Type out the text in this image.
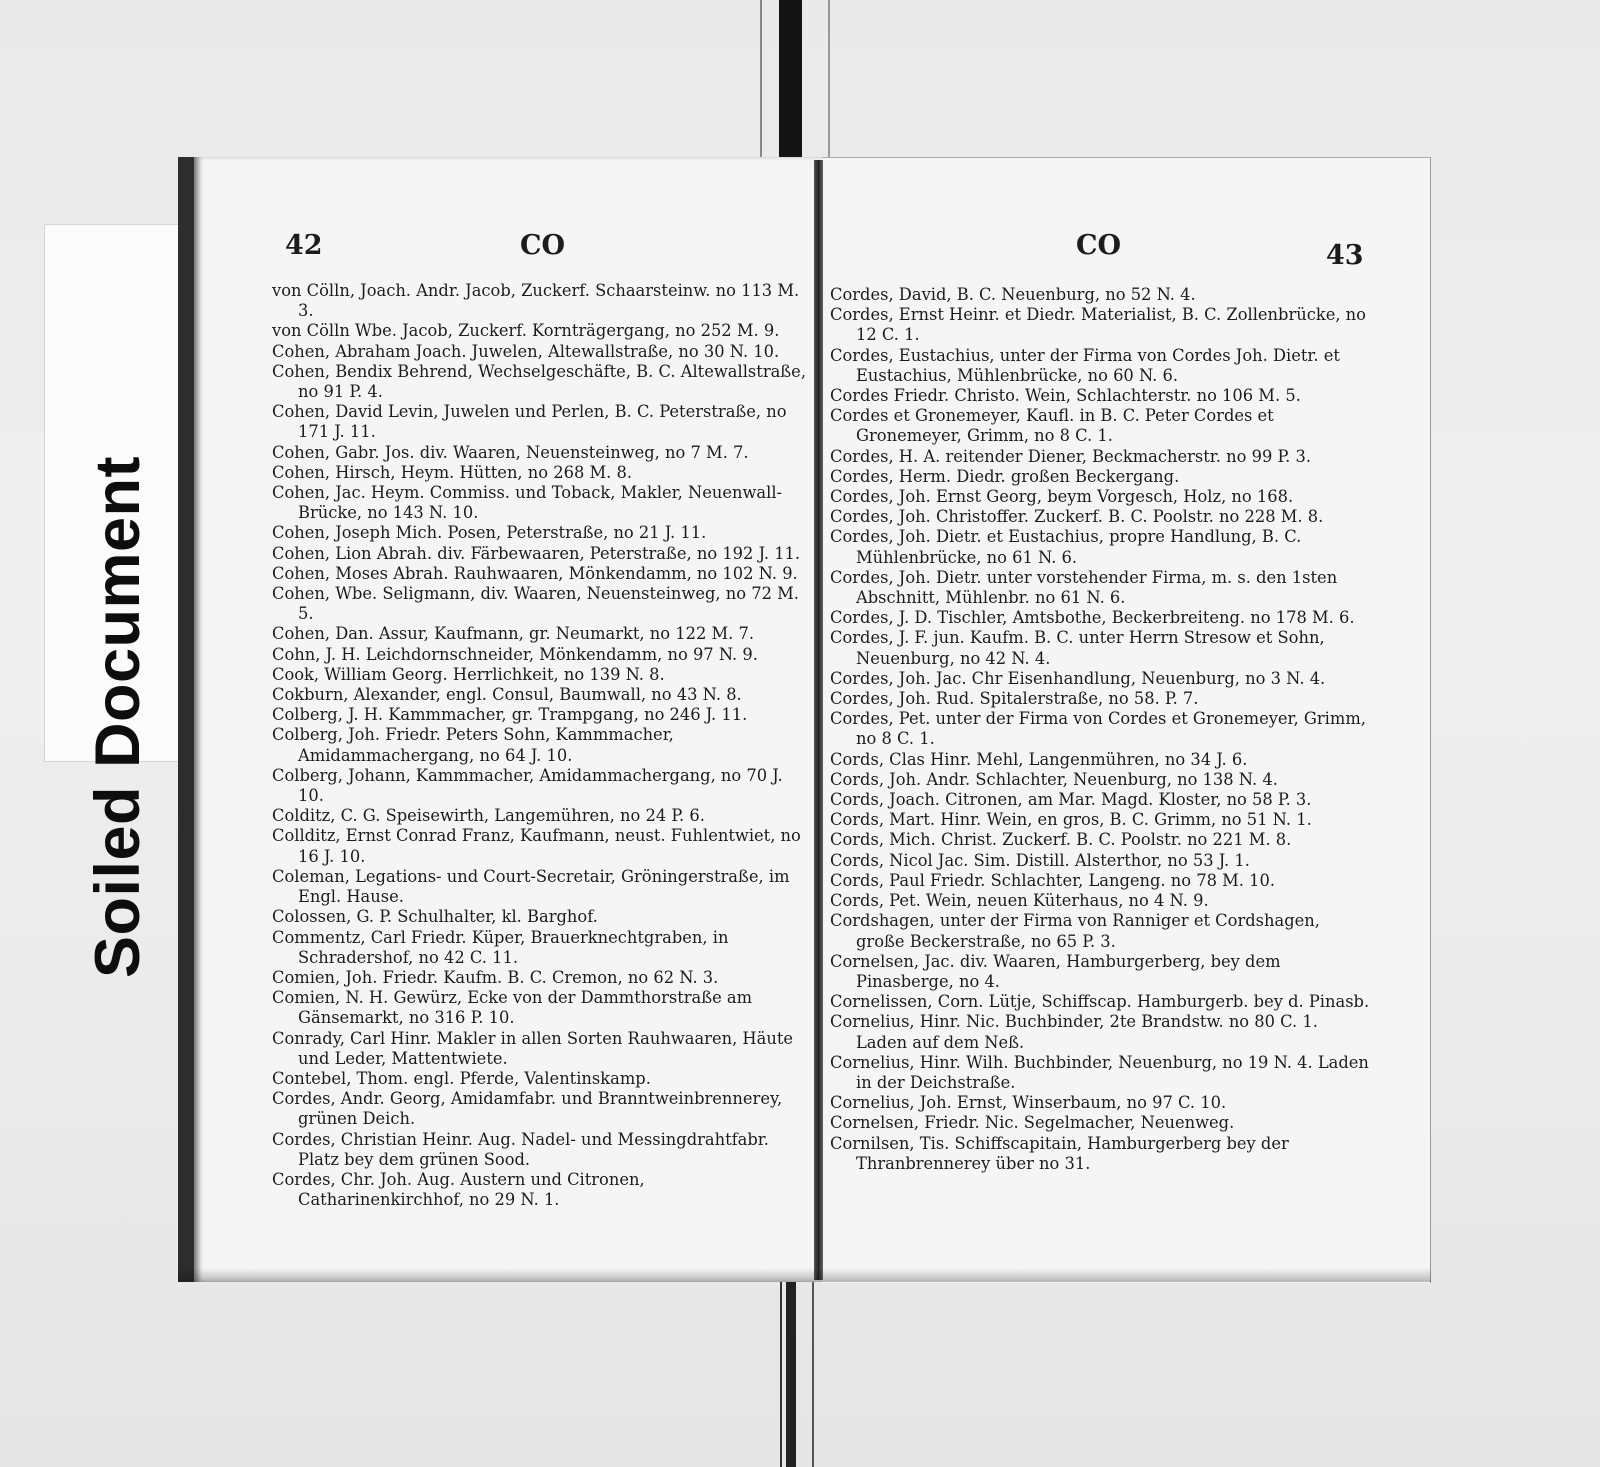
Soiled Document
42	CO	CO	43
von Cölln, Joach. Andr. Jacob, Zuckerf. Schaarsteinw. no 113 M. 3.
von Cölln Wbe. Jacob, Zuckerf. Kornträgergang, no 252 M. 9.
Cohen, Abraham Joach. Juwelen, Altewallstraße, no 30 N. 10.
Cohen, Bendix Behrend, Wechselgeschäfte, B. C. Altewallstraße, no 91 P. 4.
Cohen, David Levin, Juwelen und Perlen, B. C. Peterstraße, no 171 J. 11.
Cohen, Gabr. Jos. div. Waaren, Neuensteinweg, no 7 M. 7.
Cohen, Hirsch, Heym. Hütten, no 268 M. 8.
Cohen, Jac. Heym. Commiss. und Toback, Makler, Neuenwall-Brücke, no 143 N. 10.
Cohen, Joseph Mich. Posen, Peterstraße, no 21 J. 11.
Cohen, Lion Abrah. div. Färbewaaren, Peterstraße, no 192 J. 11.
Cohen, Moses Abrah. Rauhwaaren, Mönkendamm, no 102 N. 9.
Cohen, Wbe. Seligmann, div. Waaren, Neuensteinweg, no 72 M. 5.
Cohen, Dan. Assur, Kaufmann, gr. Neumarkt, no 122 M. 7.
Cohn, J. H. Leichdornschneider, Mönkendamm, no 97 N. 9.
Cook, William Georg. Herrlichkeit, no 139 N. 8.
Cokburn, Alexander, engl. Consul, Baumwall, no 43 N. 8.
Colberg, J. H. Kammmacher, gr. Trampgang, no 246 J. 11.
Colberg, Joh. Friedr. Peters Sohn, Kammmacher, Amidammachergang, no 64 J. 10.
Colberg, Johann, Kammmacher, Amidammachergang, no 70 J. 10.
Colditz, C. G. Speisewirth, Langemühren, no 24 P. 6.
Collditz, Ernst Conrad Franz, Kaufmann, neust. Fuhlentwiet, no 16 J. 10.
Coleman, Legations- und Court-Secretair, Gröningerstraße, im Engl. Hause.
Colossen, G. P. Schulhalter, kl. Barghof.
Commentz, Carl Friedr. Küper, Brauerknechtgraben, in Schradershof, no 42 C. 11.
Comien, Joh. Friedr. Kaufm. B. C. Cremon, no 62 N. 3.
Comien, N. H. Gewürz, Ecke von der Dammthorstraße am Gänsemarkt, no 316 P. 10.
Conrady, Carl Hinr. Makler in allen Sorten Rauhwaaren, Häute und Leder, Mattentwiete.
Contebel, Thom. engl. Pferde, Valentinskamp.
Cordes, Andr. Georg, Amidamfabr. und Branntweinbrennerey, grünen Deich.
Cordes, Christian Heinr. Aug. Nadel- und Messingdrahtfabr. Platz bey dem grünen Sood.
Cordes, Chr. Joh. Aug. Austern und Citronen, Catharinenkirchhof, no 29 N. 1.
Cordes, David, B. C. Neuenburg, no 52 N. 4.
Cordes, Ernst Heinr. et Diedr. Materialist, B. C. Zollenbrücke, no 12 C. 1.
Cordes, Eustachius, unter der Firma von Cordes Joh. Dietr. et Eustachius, Mühlenbrücke, no 60 N. 6.
Cordes Friedr. Christo. Wein, Schlachterstr. no 106 M. 5.
Cordes et Gronemeyer, Kaufl. in B. C. Peter Cordes et Gronemeyer, Grimm, no 8 C. 1.
Cordes, H. A. reitender Diener, Beckmacherstr. no 99 P. 3.
Cordes, Herm. Diedr. großen Beckergang.
Cordes, Joh. Ernst Georg, beym Vorgesch, Holz, no 168.
Cordes, Joh. Christoffer. Zuckerf. B. C. Poolstr. no 228 M. 8.
Cordes, Joh. Dietr. et Eustachius, propre Handlung, B. C. Mühlenbrücke, no 61 N. 6.
Cordes, Joh. Dietr. unter vorstehender Firma, m. s. den 1sten Abschnitt, Mühlenbr. no 61 N. 6.
Cordes, J. D. Tischler, Amtsbothe, Beckerbreiteng. no 178 M. 6.
Cordes, J. F. jun. Kaufm. B. C. unter Herrn Stresow et Sohn, Neuenburg, no 42 N. 4.
Cordes, Joh. Jac. Chr Eisenhandlung, Neuenburg, no 3 N. 4.
Cordes, Joh. Rud. Spitalerstraße, no 58. P. 7.
Cordes, Pet. unter der Firma von Cordes et Gronemeyer, Grimm, no 8 C. 1.
Cords, Clas Hinr. Mehl, Langenmühren, no 34 J. 6.
Cords, Joh. Andr. Schlachter, Neuenburg, no 138 N. 4.
Cords, Joach. Citronen, am Mar. Magd. Kloster, no 58 P. 3.
Cords, Mart. Hinr. Wein, en gros, B. C. Grimm, no 51 N. 1.
Cords, Mich. Christ. Zuckerf. B. C. Poolstr. no 221 M. 8.
Cords, Nicol Jac. Sim. Distill. Alsterthor, no 53 J. 1.
Cords, Paul Friedr. Schlachter, Langeng. no 78 M. 10.
Cords, Pet. Wein, neuen Küterhaus, no 4 N. 9.
Cordshagen, unter der Firma von Ranniger et Cordshagen, große Beckerstraße, no 65 P. 3.
Cornelsen, Jac. div. Waaren, Hamburgerberg, bey dem Pinasberge, no 4.
Cornelissen, Corn. Lütje, Schiffscap. Hamburgerb. bey d. Pinasb.
Cornelius, Hinr. Nic. Buchbinder, 2te Brandstw. no 80 C. 1. Laden auf dem Neß.
Cornelius, Hinr. Wilh. Buchbinder, Neuenburg, no 19 N. 4. Laden in der Deichstraße.
Cornelius, Joh. Ernst, Winserbaum, no 97 C. 10.
Cornelsen, Friedr. Nic. Segelmacher, Neuenweg.
Cornilsen, Tis. Schiffscapitain, Hamburgerberg bey der Thranbrennerey über no 31.
